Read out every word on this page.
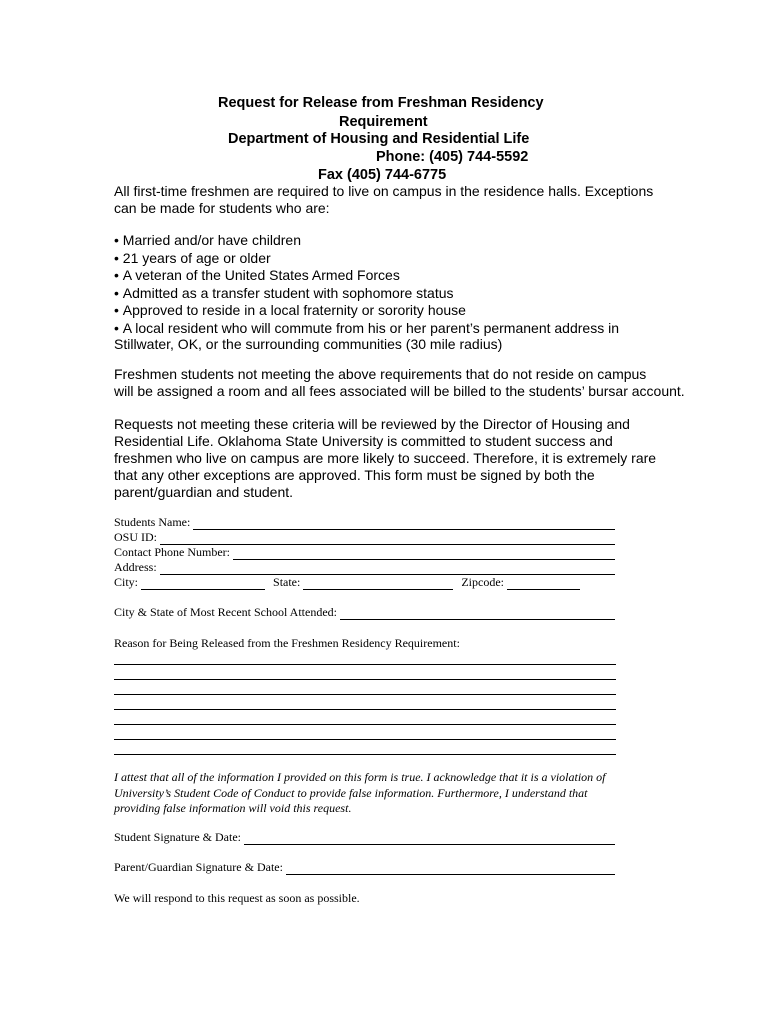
Request for Release from Freshman Residency

Requirement

Department of Housing and Residential Life

Phone: (405) 744-5592

Fax (405) 744-6775

All first-time freshmen are required to live on campus in the residence halls. Exceptions

can be made for students who are:

• Married and/or have children
• 21 years of age or older
• A veteran of the United States Armed Forces
• Admitted as a transfer student with sophomore status
• Approved to reside in a local fraternity or sorority house
• A local resident who will commute from his or her parent’s permanent address in

Stillwater, OK, or the surrounding communities (30 mile radius)

Freshmen students not meeting the above requirements that do not reside on campus

will be assigned a room and all fees associated will be billed to the students’ bursar account.

Requests not meeting these criteria will be reviewed by the Director of Housing and

Residential Life. Oklahoma State University is committed to student success and

freshmen who live on campus are more likely to succeed. Therefore, it is extremely rare

that any other exceptions are approved. This form must be signed by both the

parent/guardian and student.

Students Name:
OSU ID:
Contact Phone Number:
Address:
City:	State:	Zipcode:
City & State of Most Recent School Attended:

Reason for Being Released from the Freshmen Residency Requirement:

I attest that all of the information I provided on this form is true. I acknowledge that it is a violation of

University’s Student Code of Conduct to provide false information. Furthermore, I understand that

providing false information will void this request.

Student Signature & Date:
Parent/Guardian Signature & Date:

We will respond to this request as soon as possible.
